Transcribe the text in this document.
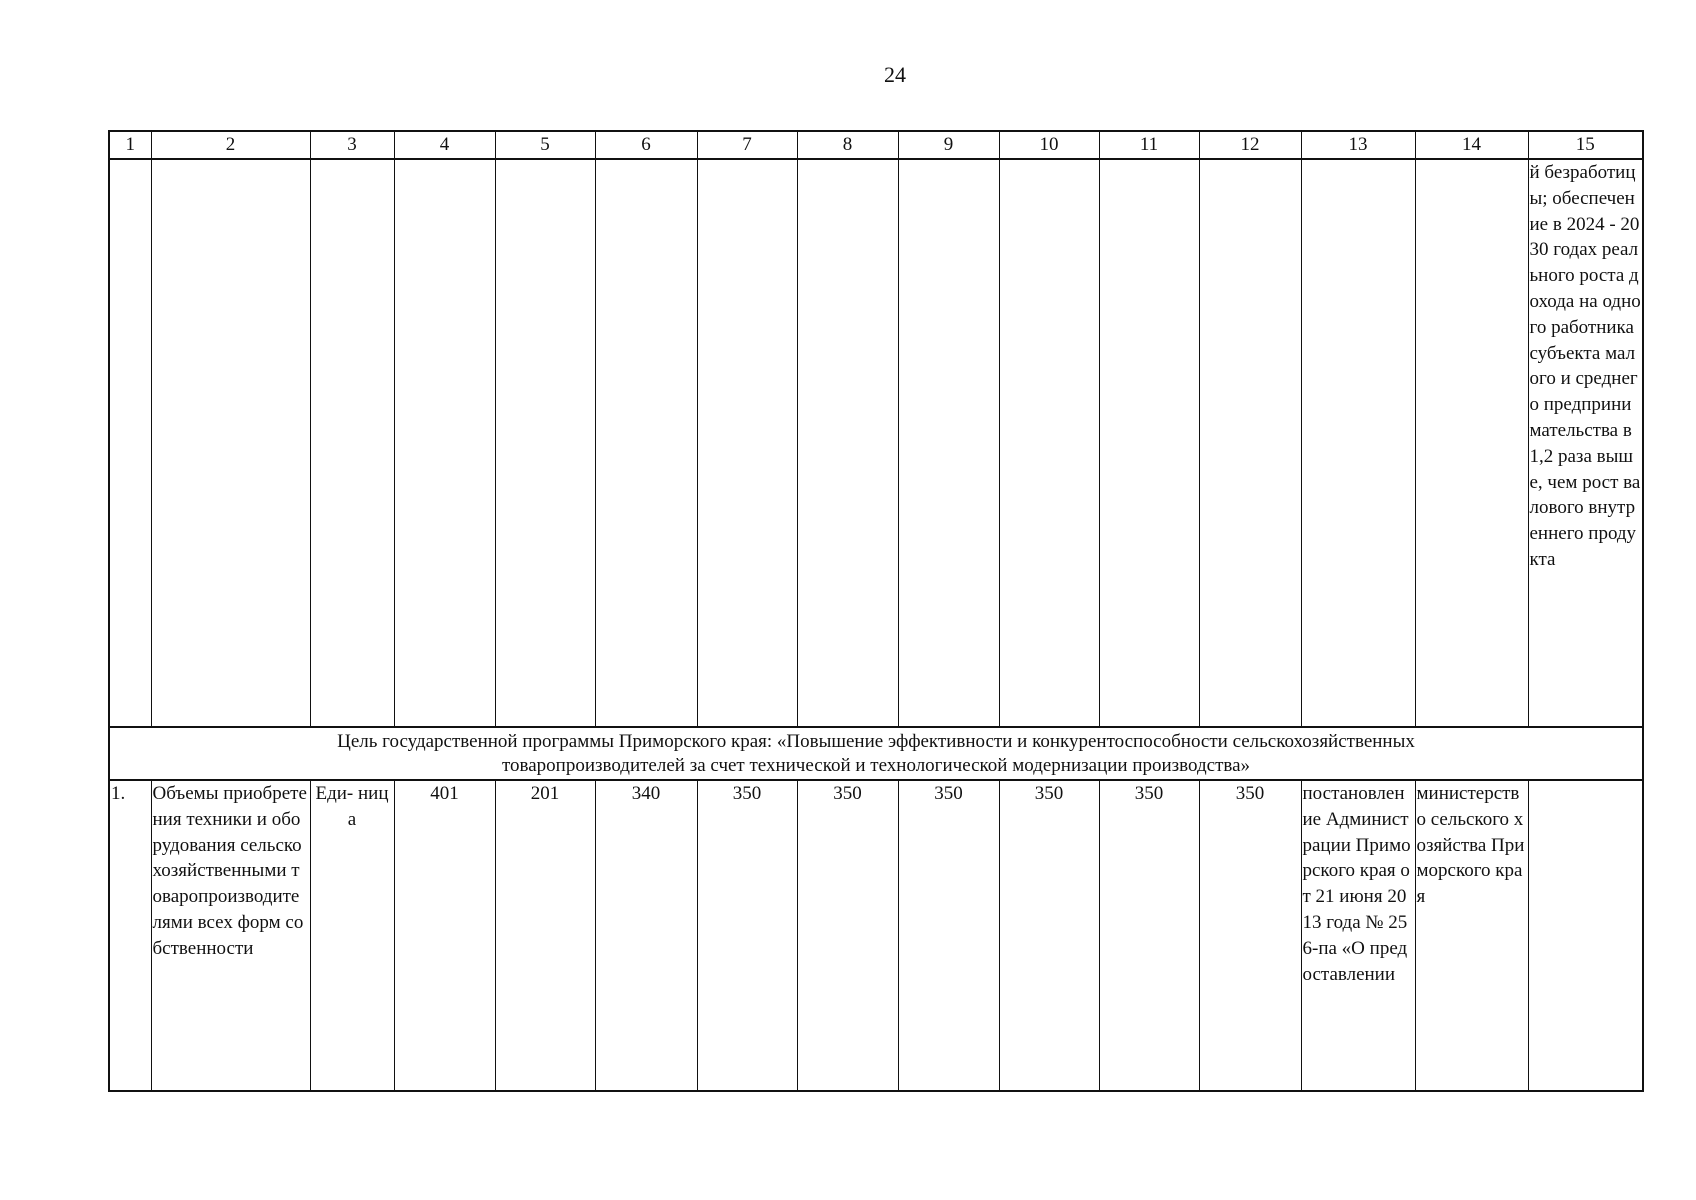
24
1	2	3	4	5	6	7	8	9	10	11	12	13	14	15
														й безработицы; обеспечение в 2024 - 2030 годах реального роста дохода на одного работника субъекта малого и среднего предпринимательства в 1,2 раза выше, чем рост валового внутреннего продукта

Цель государственной программы Приморского края: «Повышение эффективности и конкурентоспособности сельскохозяйственных
товаропроизводителей за счет технической и технологической модернизации производства»														

1.	Объемы приобретения техники и оборудования сельскохозяйственными товаропроизводителями всех форм собственности	Еди- ница	401	201	340	350	350	350	350	350	350	постановление Администрации Приморского края от 21 июня 2013 года № 256-па «О предоставлении	министерство сельского хозяйства Приморского края	
